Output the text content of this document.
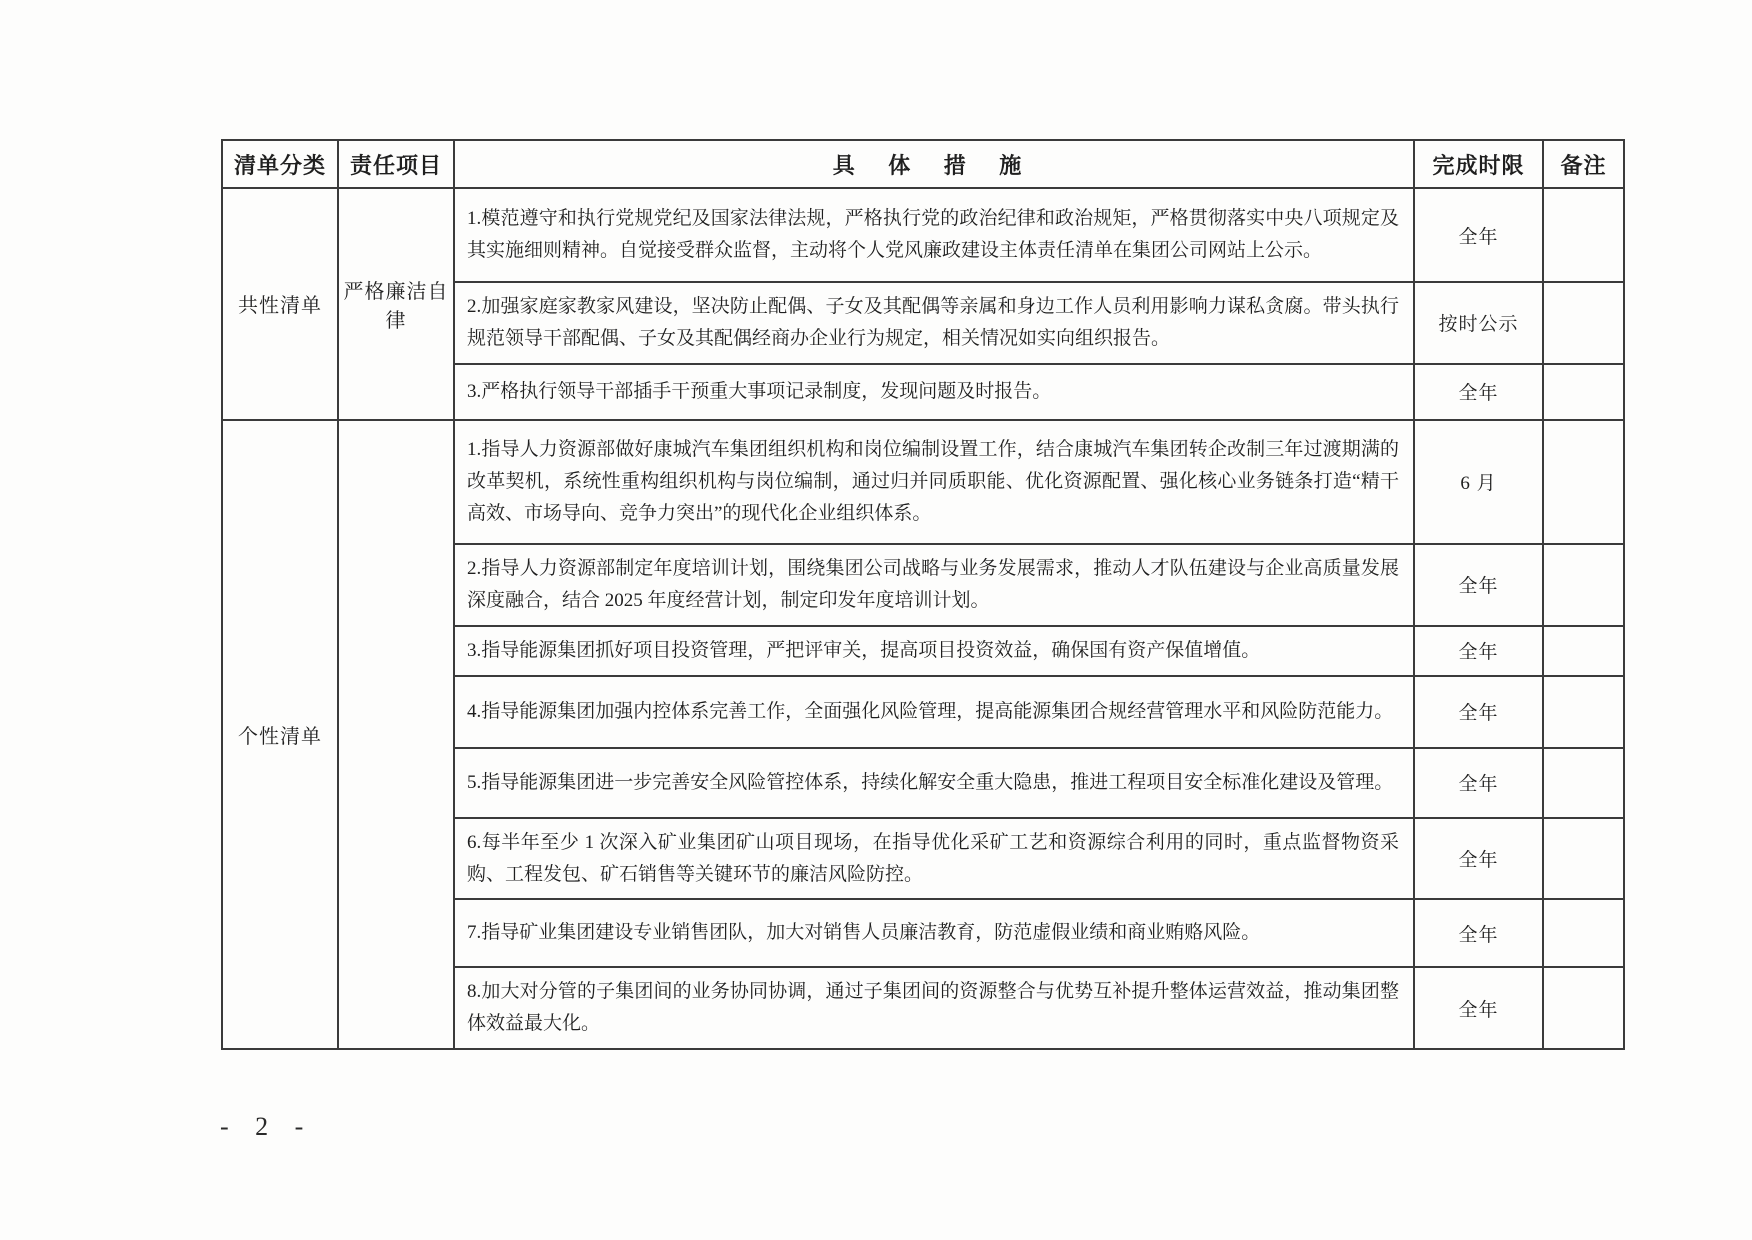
清单分类	责任项目	具 体 措 施	完成时限	备注
共性清单	严格廉洁自律	1.模范遵守和执行党规党纪及国家法律法规，严格执行党的政治纪律和政治规矩，严格贯彻落实中央八项规定及其实施细则精神。自觉接受群众监督，主动将个人党风廉政建设主体责任清单在集团公司网站上公示。	全年	
		2.加强家庭家教家风建设，坚决防止配偶、子女及其配偶等亲属和身边工作人员利用影响力谋私贪腐。带头执行规范领导干部配偶、子女及其配偶经商办企业行为规定，相关情况如实向组织报告。	按时公示	
		3.严格执行领导干部插手干预重大事项记录制度，发现问题及时报告。	全年	
个性清单		1.指导人力资源部做好康城汽车集团组织机构和岗位编制设置工作，结合康城汽车集团转企改制三年过渡期满的改革契机，系统性重构组织机构与岗位编制，通过归并同质职能、优化资源配置、强化核心业务链条打造“精干高效、市场导向、竞争力突出”的现代化企业组织体系。	6 月	
		2.指导人力资源部制定年度培训计划，围绕集团公司战略与业务发展需求，推动人才队伍建设与企业高质量发展深度融合，结合 2025 年度经营计划，制定印发年度培训计划。	全年	
		3.指导能源集团抓好项目投资管理，严把评审关，提高项目投资效益，确保国有资产保值增值。	全年	
		4.指导能源集团加强内控体系完善工作，全面强化风险管理，提高能源集团合规经营管理水平和风险防范能力。	全年	
		5.指导能源集团进一步完善安全风险管控体系，持续化解安全重大隐患，推进工程项目安全标准化建设及管理。	全年	
		6.每半年至少 1 次深入矿业集团矿山项目现场，在指导优化采矿工艺和资源综合利用的同时，重点监督物资采购、工程发包、矿石销售等关键环节的廉洁风险防控。	全年	
		7.指导矿业集团建设专业销售团队，加大对销售人员廉洁教育，防范虚假业绩和商业贿赂风险。	全年	
		8.加大对分管的子集团间的业务协同协调，通过子集团间的资源整合与优势互补提升整体运营效益，推动集团整体效益最大化。	全年	
- 2 -
